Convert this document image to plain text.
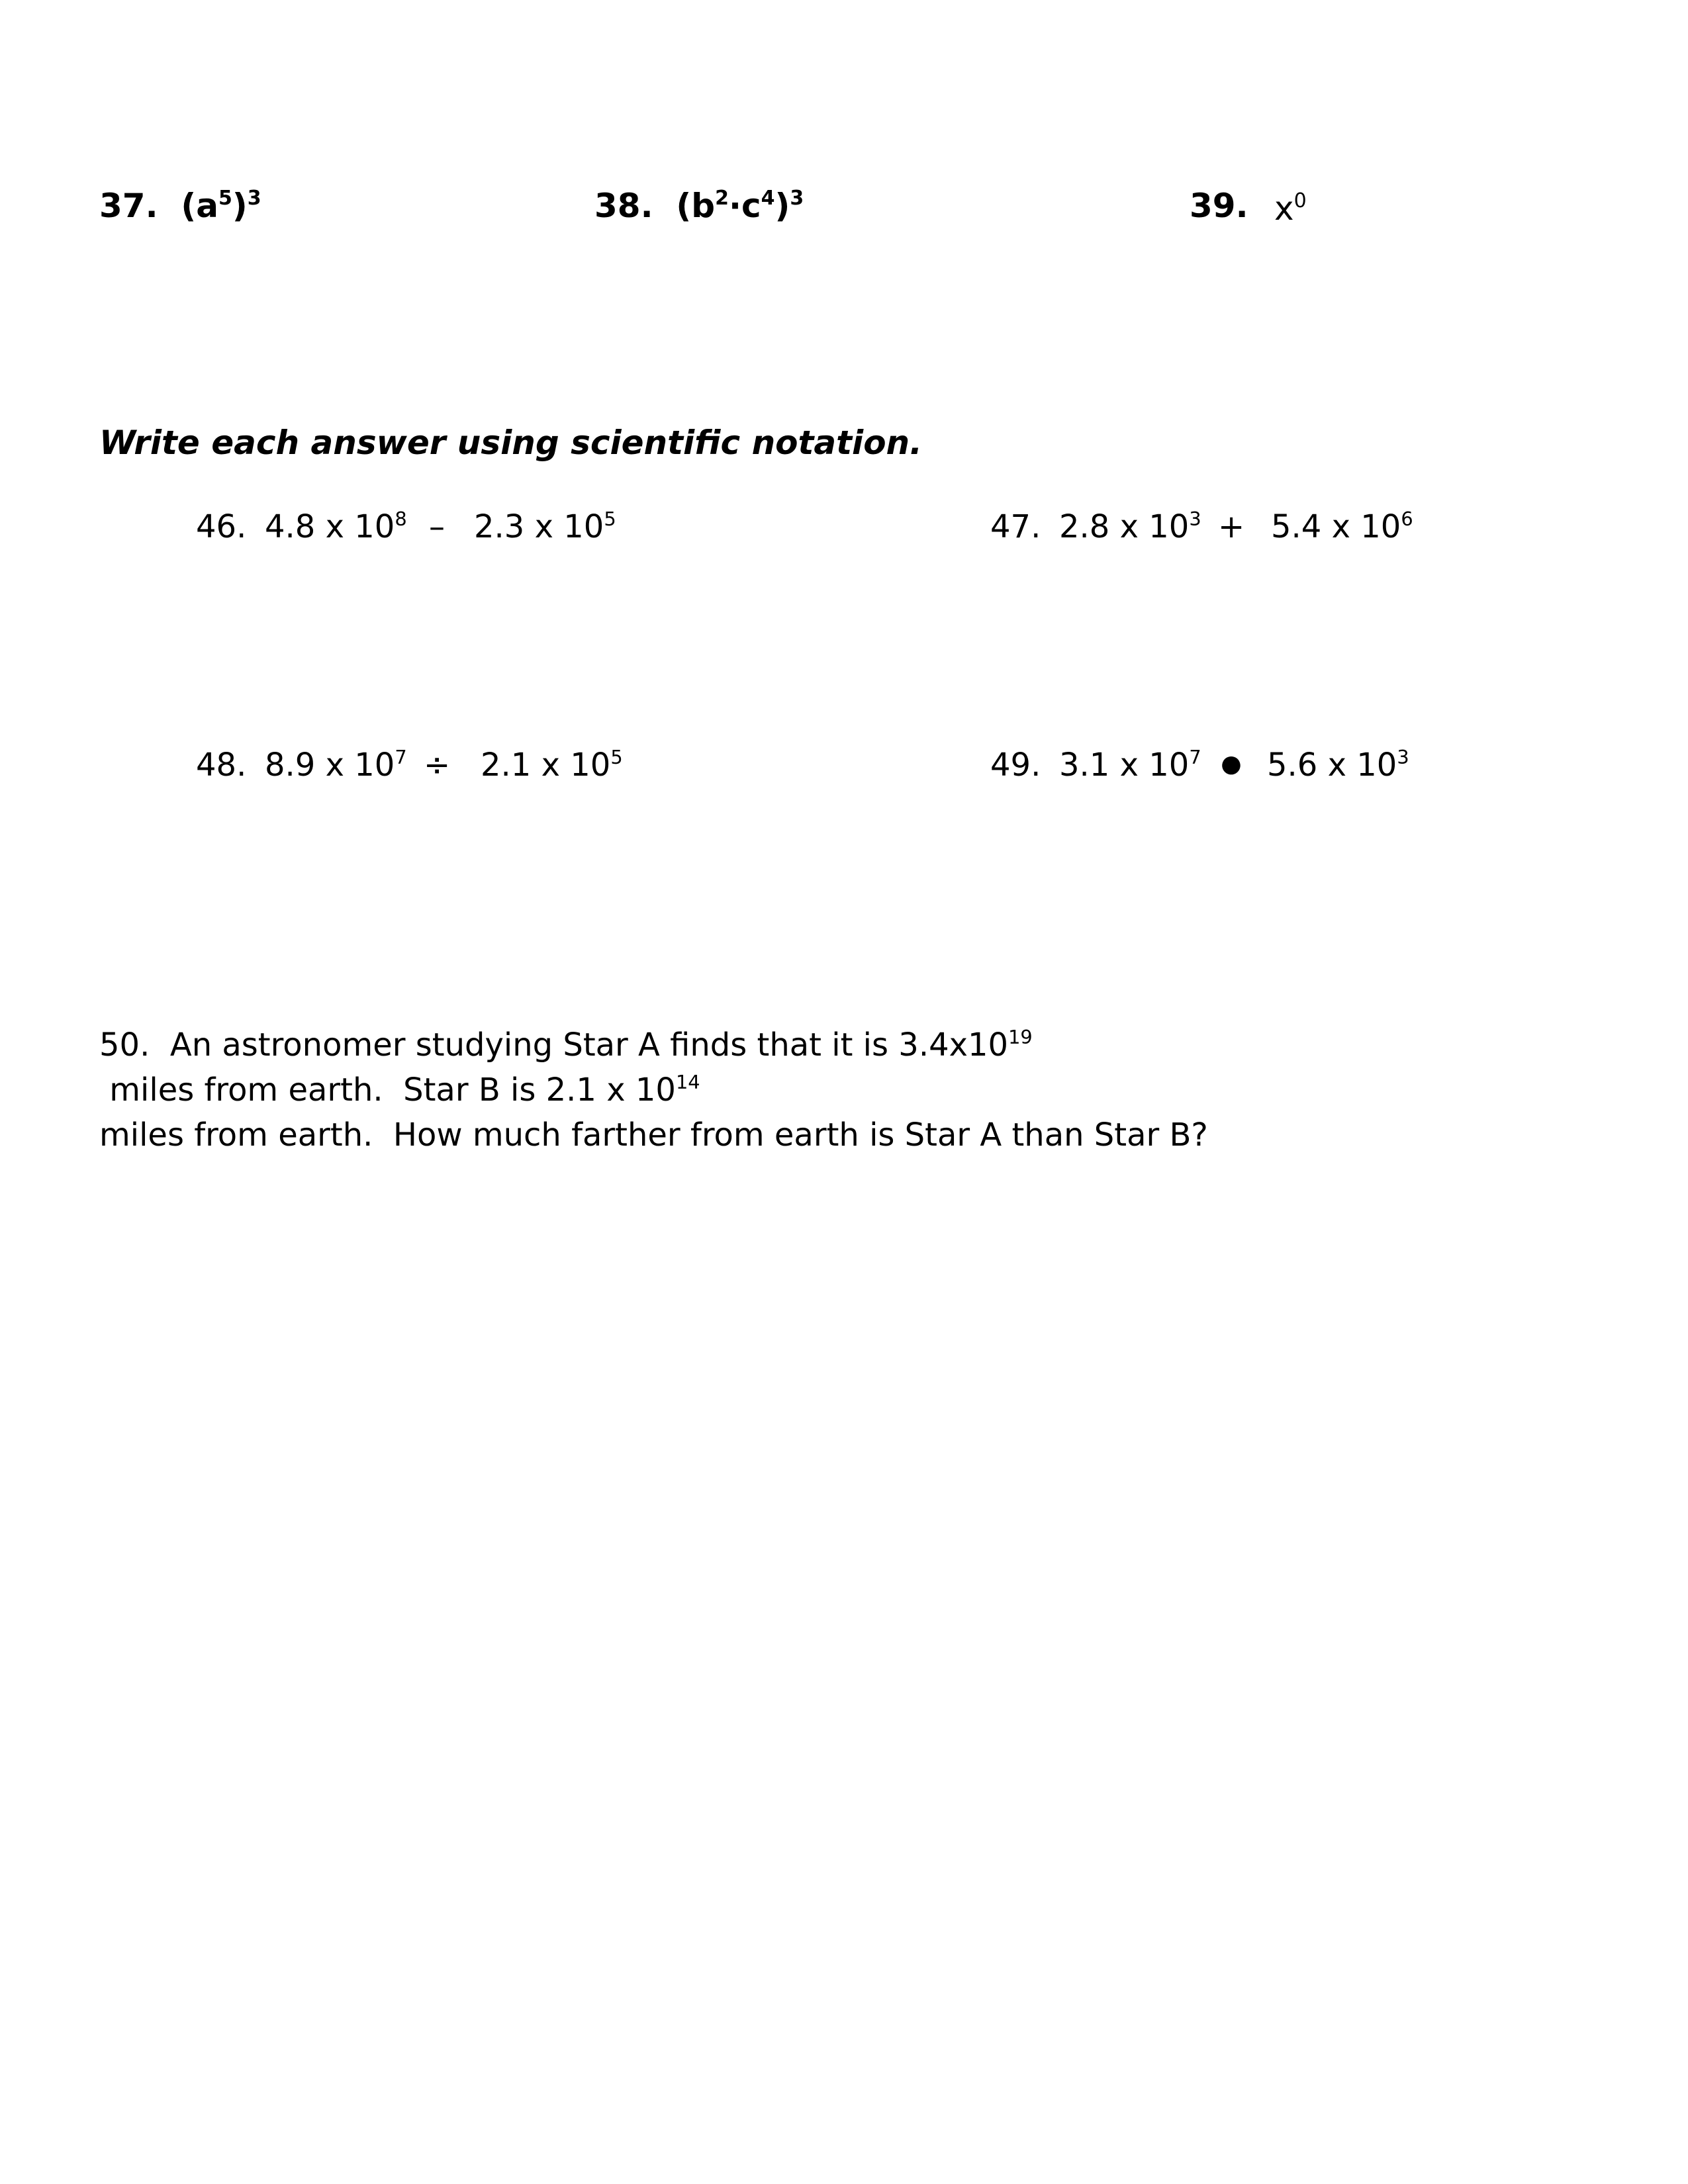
37. $(a^5)^3$	38. $(b^2\cdot c^4)^3$	39. $x^0$
Write each answer using scientific notation.
46. 4.8 x $10^8 - 2.3$ x $10^5$	47. 2.8 x $10^3 + 5.4$ x $10^6$
48. 8.9 x $10^7 \div 2.1$ x $10^5$	49. 3.1 x $10^7$ ● 5.6 x $10^3$

50. An astronomer studying Star A finds that it is $3.4x10^{19}$ miles from earth.  Star B is 2.1 x $10^{14}$

miles from earth.  How much farther from earth is Star A than Star B?
